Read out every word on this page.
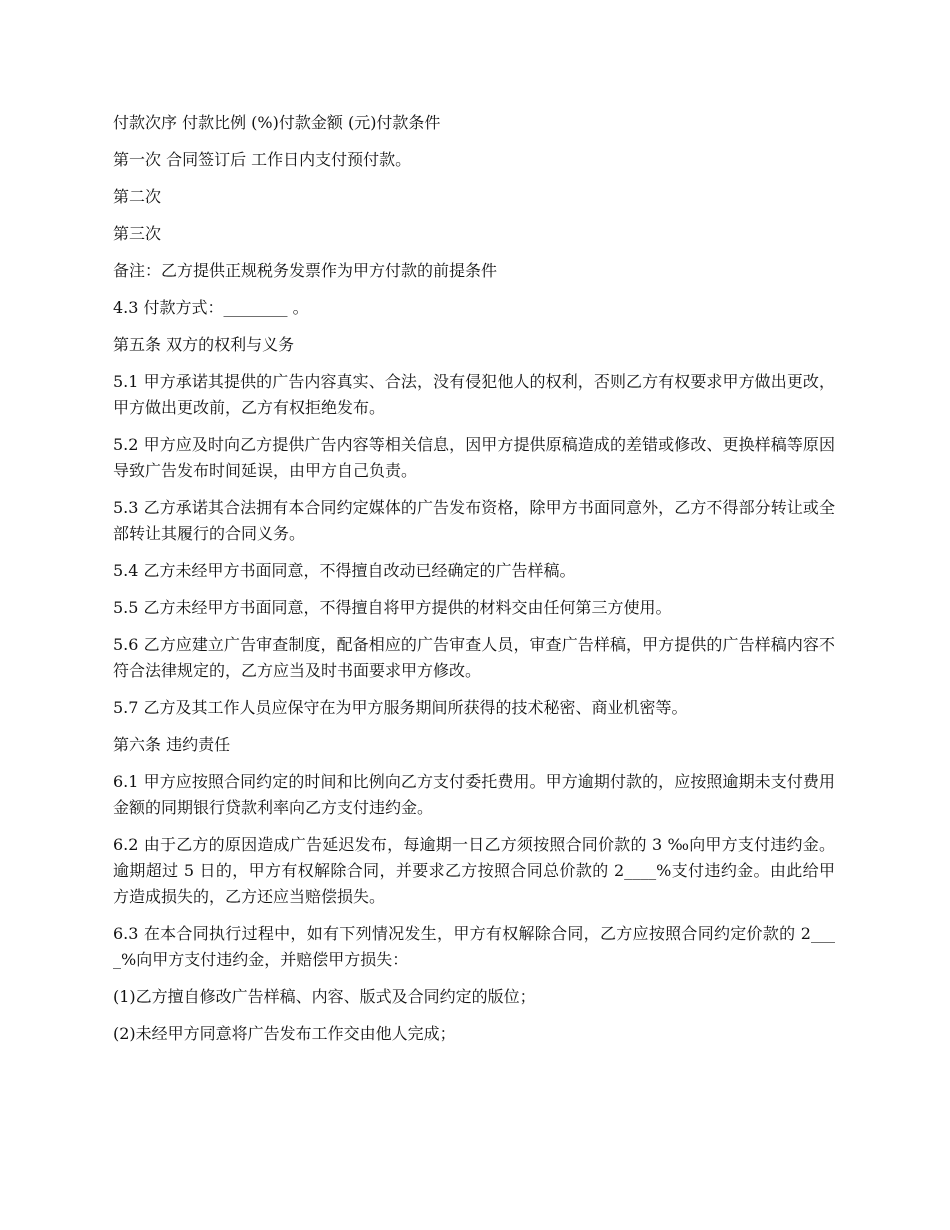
付款次序 付款比例 (%)付款金额 (元)付款条件

第一次 合同签订后 工作日内支付预付款。

第二次

第三次

备注：乙方提供正规税务发票作为甲方付款的前提条件

4.3 付款方式：________ 。

第五条 双方的权利与义务

5.1 甲方承诺其提供的广告内容真实、合法，没有侵犯他人的权利，否则乙方有权要求甲方做出更改，甲方做出更改前，乙方有权拒绝发布。

5.2 甲方应及时向乙方提供广告内容等相关信息，因甲方提供原稿造成的差错或修改、更换样稿等原因导致广告发布时间延误，由甲方自己负责。

5.3 乙方承诺其合法拥有本合同约定媒体的广告发布资格，除甲方书面同意外，乙方不得部分转让或全部转让其履行的合同义务。

5.4 乙方未经甲方书面同意，不得擅自改动已经确定的广告样稿。

5.5 乙方未经甲方书面同意，不得擅自将甲方提供的材料交由任何第三方使用。

5.6 乙方应建立广告审查制度，配备相应的广告审查人员，审查广告样稿，甲方提供的广告样稿内容不符合法律规定的，乙方应当及时书面要求甲方修改。

5.7 乙方及其工作人员应保守在为甲方服务期间所获得的技术秘密、商业机密等。

第六条 违约责任

6.1 甲方应按照合同约定的时间和比例向乙方支付委托费用。甲方逾期付款的，应按照逾期未支付费用金额的同期银行贷款利率向乙方支付违约金。

6.2 由于乙方的原因造成广告延迟发布，每逾期一日乙方须按照合同价款的 3 ‰向甲方支付违约金。逾期超过 5 日的，甲方有权解除合同，并要求乙方按照合同总价款的 2____%支付违约金。由此给甲方造成损失的，乙方还应当赔偿损失。

6.3 在本合同执行过程中，如有下列情况发生，甲方有权解除合同，乙方应按照合同约定价款的 2____%向甲方支付违约金，并赔偿甲方损失：

(1)乙方擅自修改广告样稿、内容、版式及合同约定的版位；

(2)未经甲方同意将广告发布工作交由他人完成；
